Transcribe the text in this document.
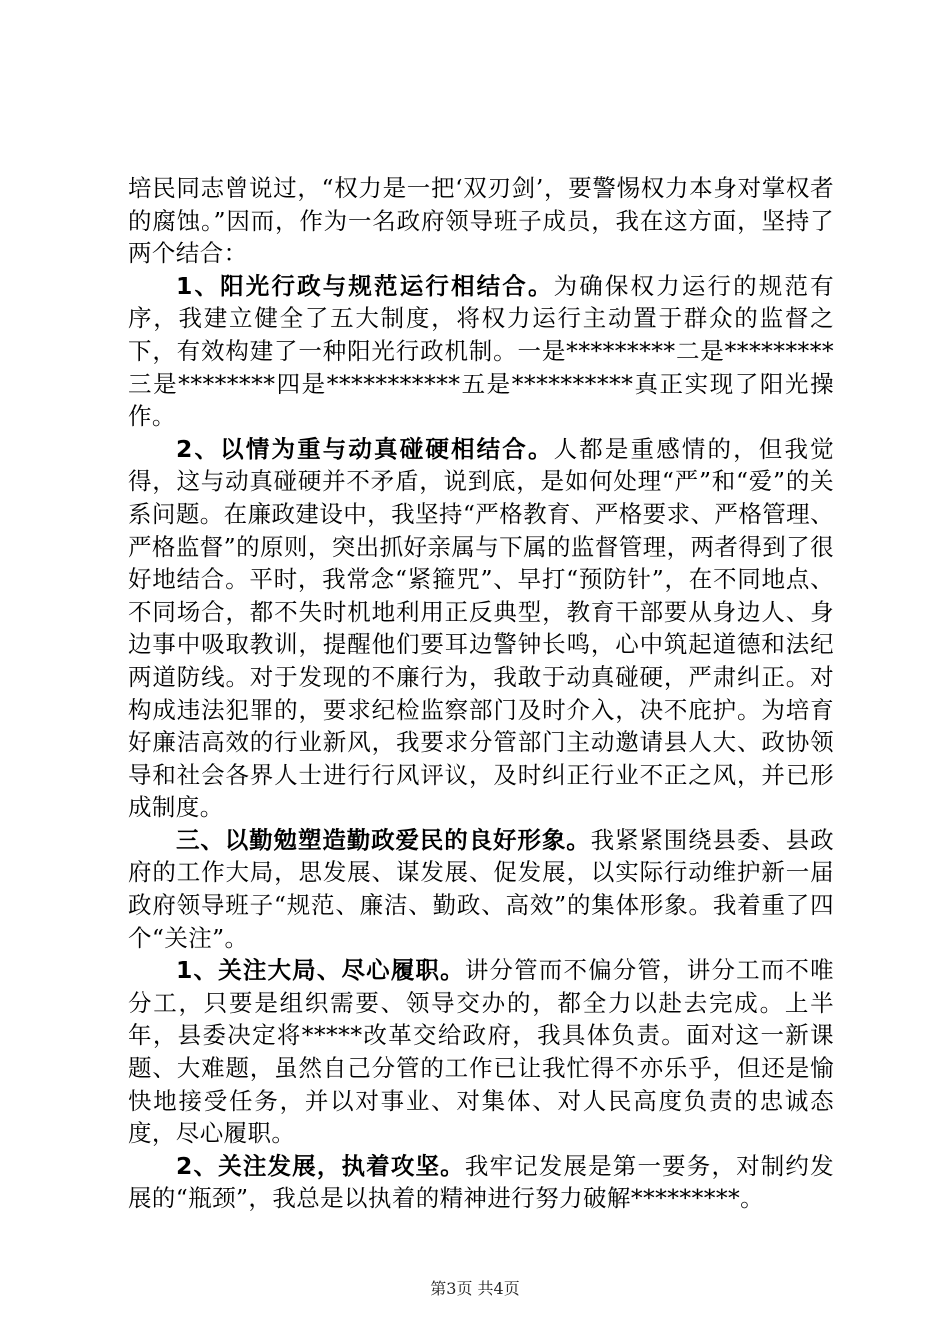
培民同志曾说过，“权力是一把‘双刃剑’，要警惕权力本身对掌权者的腐蚀。”因而，作为一名政府领导班子成员，我在这方面，坚持了两个结合：

1、阳光行政与规范运行相结合。为确保权力运行的规范有序，我建立健全了五大制度，将权力运行主动置于群众的监督之下，有效构建了一种阳光行政机制。一是*********二是*********三是********四是***********五是**********真正实现了阳光操作。

2、以情为重与动真碰硬相结合。人都是重感情的，但我觉得，这与动真碰硬并不矛盾，说到底，是如何处理“严”和“爱”的关系问题。在廉政建设中，我坚持“严格教育、严格要求、严格管理、严格监督”的原则，突出抓好亲属与下属的监督管理，两者得到了很好地结合。平时，我常念“紧箍咒”、早打“预防针”，在不同地点、不同场合，都不失时机地利用正反典型，教育干部要从身边人、身边事中吸取教训，提醒他们要耳边警钟长鸣，心中筑起道德和法纪两道防线。对于发现的不廉行为，我敢于动真碰硬，严肃纠正。对构成违法犯罪的，要求纪检监察部门及时介入，决不庇护。为培育好廉洁高效的行业新风，我要求分管部门主动邀请县人大、政协领导和社会各界人士进行行风评议，及时纠正行业不正之风，并已形成制度。

三、以勤勉塑造勤政爱民的良好形象。我紧紧围绕县委、县政府的工作大局，思发展、谋发展、促发展，以实际行动维护新一届政府领导班子“规范、廉洁、勤政、高效”的集体形象。我着重了四个“关注”。

1、关注大局、尽心履职。讲分管而不偏分管，讲分工而不唯分工，只要是组织需要、领导交办的，都全力以赴去完成。上半年，县委决定将*****改革交给政府，我具体负责。面对这一新课题、大难题，虽然自己分管的工作已让我忙得不亦乐乎，但还是愉快地接受任务，并以对事业、对集体、对人民高度负责的忠诚态度，尽心履职。

2、关注发展，执着攻坚。我牢记发展是第一要务，对制约发展的“瓶颈”，我总是以执着的精神进行努力破解*********。

第3页 共4页
